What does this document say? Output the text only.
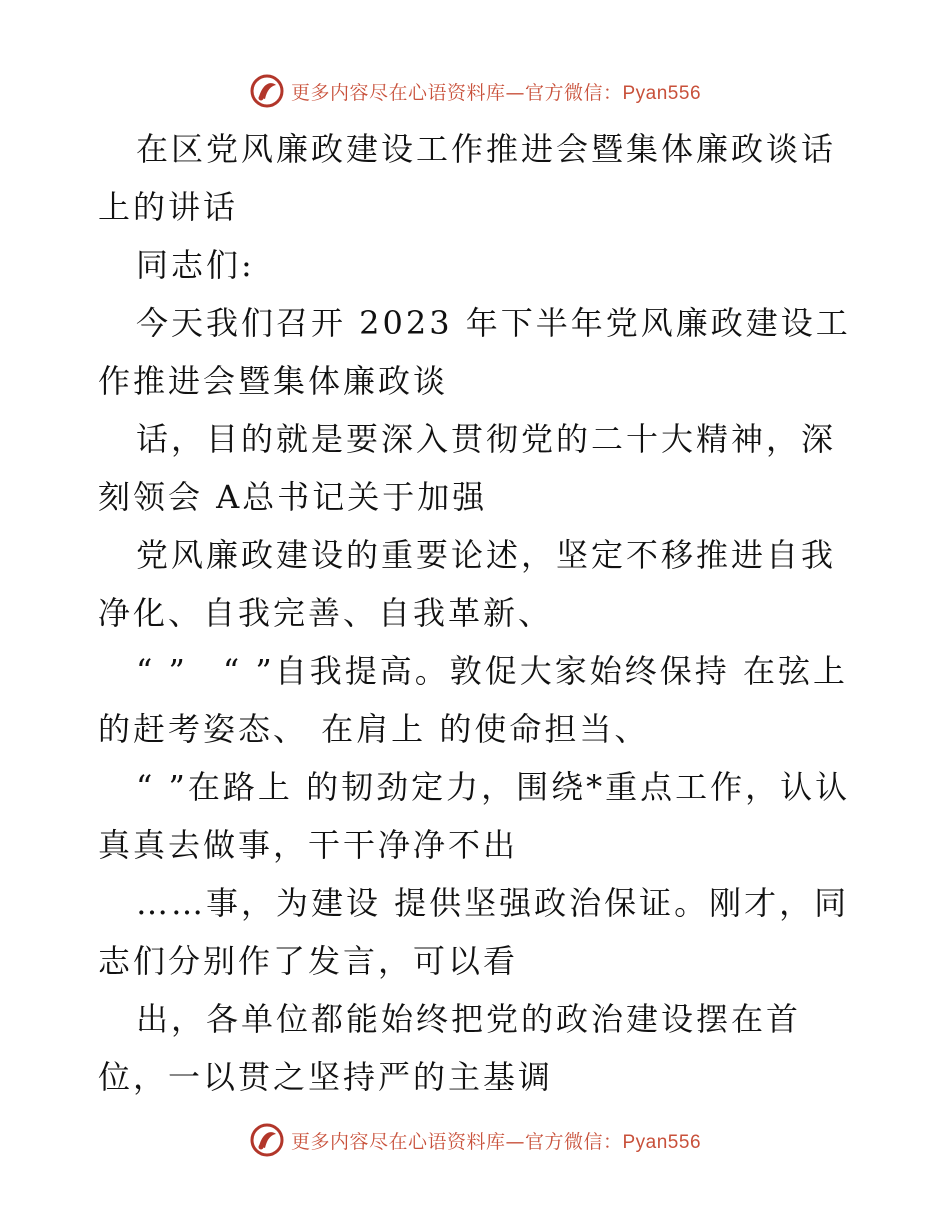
更多内容尽在心语资料库—官方微信：Pyan556

在区党风廉政建设工作推进会暨集体廉政谈话上的讲话

同志们:

今天我们召开 2023 年下半年党风廉政建设工作推进会暨集体廉政谈

话，目的就是要深入贯彻党的二十大精神，深刻领会 A总书记关于加强

党风廉政建设的重要论述，坚定不移推进自我净化、自我完善、自我革新、

“ ”　“ ”自我提高。敦促大家始终保持 在弦上 的赶考姿态、 在肩上 的使命担当、

“ ”在路上 的韧劲定力，围绕*重点工作，认认真真去做事，干干净净不出

……事，为建设 提供坚强政治保证。刚才，同志们分别作了发言，可以看

出，各单位都能始终把党的政治建设摆在首位，一以贯之坚持严的主基调

更多内容尽在心语资料库—官方微信：Pyan556
